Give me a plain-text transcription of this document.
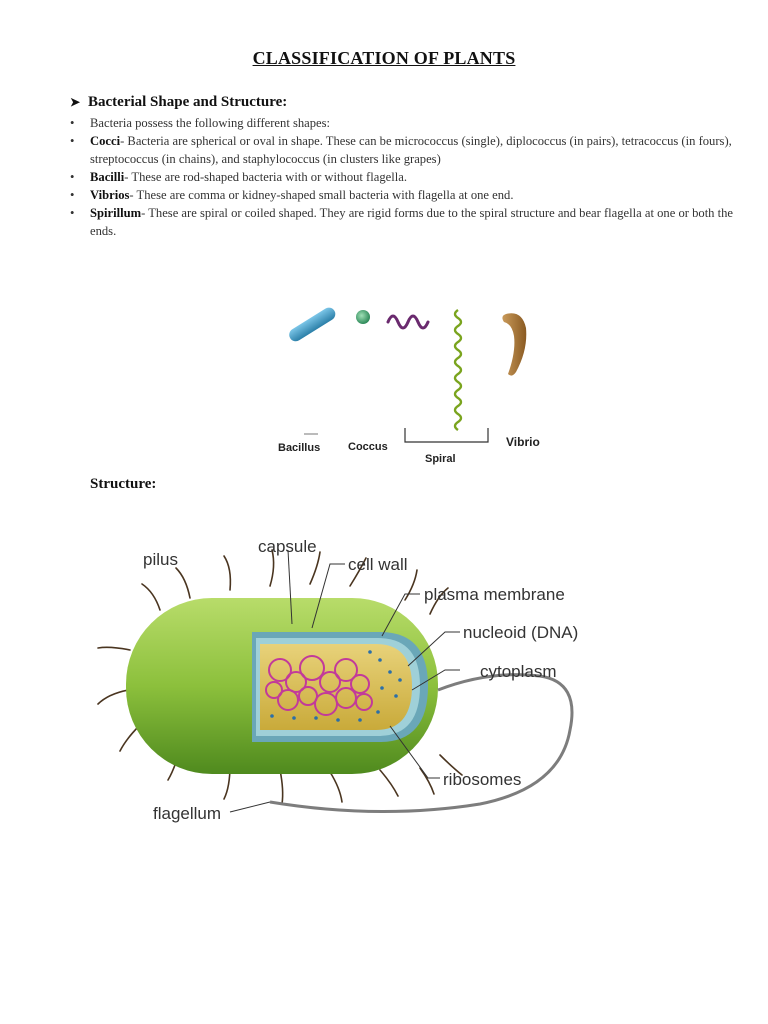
CLASSIFICATION OF PLANTS
➤ Bacterial Shape and Structure:
• Bacteria possess the following different shapes:
• Cocci- Bacteria are spherical or oval in shape. These can be micrococcus (single), diplococcus (in pairs), tetracoccus (in fours), streptococcus (in chains), and staphylococcus (in clusters like grapes)
• Bacilli- These are rod-shaped bacteria with or without flagella.
• Vibrios- These are comma or kidney-shaped small bacteria with flagella at one end.
• Spirillum- These are spiral or coiled shaped. They are rigid forms due to the spiral structure and bear flagella at one or both the ends.
Bacillus	Coccus
Spiral
Vibrio
Structure:
pilus
capsule
cell wall
plasma membrane
nucleoid (DNA)
cytoplasm
ribosomes
flagellum
